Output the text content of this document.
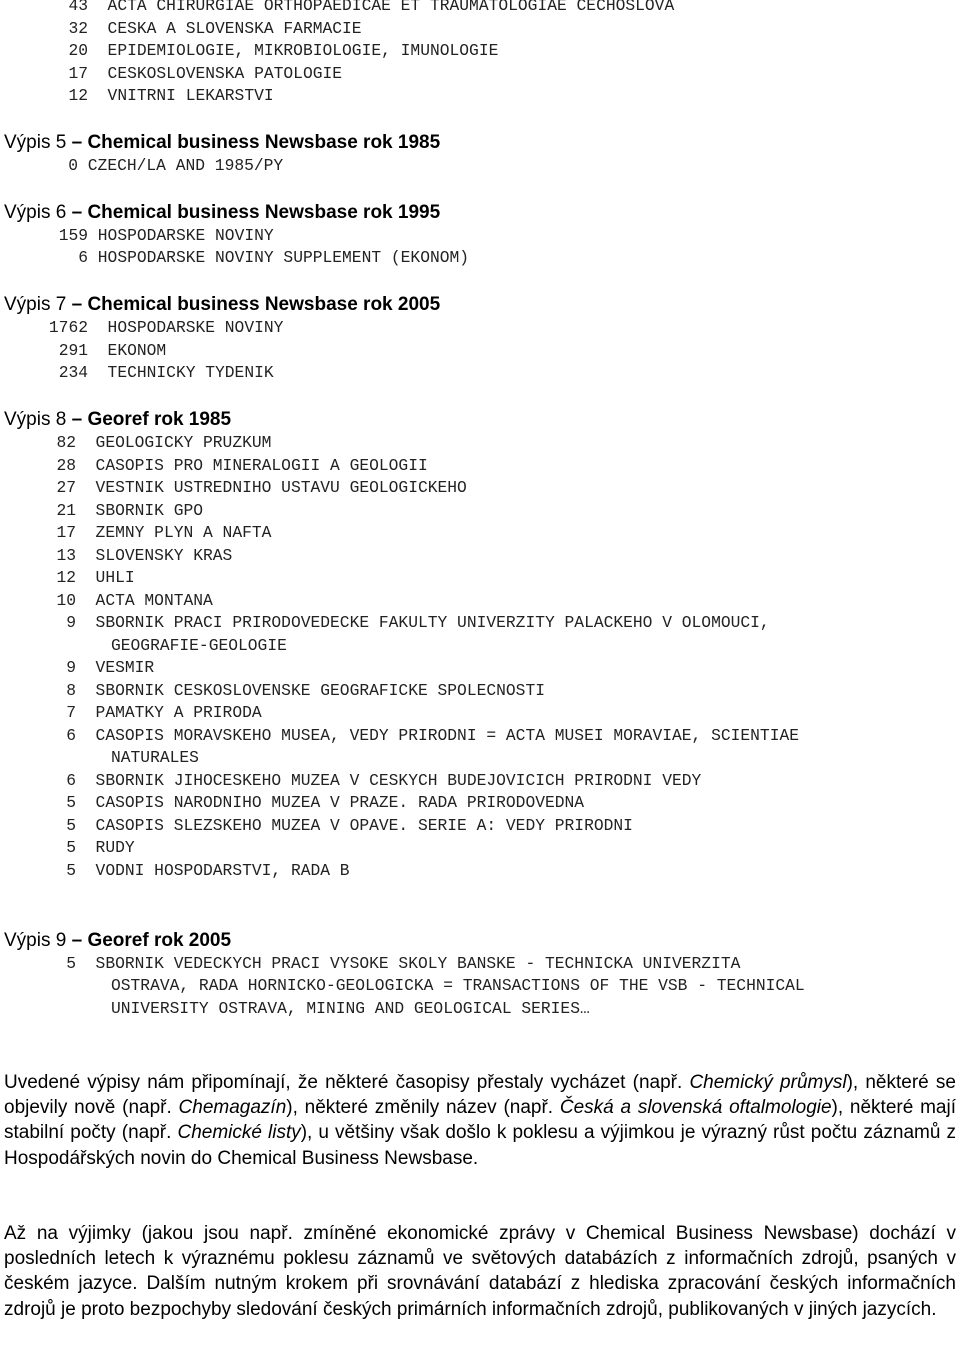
43 ACTA CHIRURGIAE ORTHOPAEDICAE ET TRAUMATOLOGIAE CECHOSLOVA
32 CESKA A SLOVENSKA FARMACIE
20 EPIDEMIOLOGIE, MIKROBIOLOGIE, IMUNOLOGIE
17 CESKOSLOVENSKA PATOLOGIE
12 VNITRNI LEKARSTVI
Výpis 5 – Chemical business Newsbase rok 1985
0 CZECH/LA AND 1985/PY
Výpis 6 – Chemical business Newsbase rok 1995
159 HOSPODARSKE NOVINY
6 HOSPODARSKE NOVINY SUPPLEMENT (EKONOM)
Výpis 7 – Chemical business Newsbase rok 2005
1762 HOSPODARSKE NOVINY
291 EKONOM
234 TECHNICKY TYDENIK
Výpis 8 – Georef rok 1985
82 GEOLOGICKY PRUZKUM
28 CASOPIS PRO MINERALOGII A GEOLOGII
27 VESTNIK USTREDNIHO USTAVU GEOLOGICKEHO
21 SBORNIK GPO
17 ZEMNY PLYN A NAFTA
13 SLOVENSKY KRAS
12 UHLI
10 ACTA MONTANA
9 SBORNIK PRACI PRIRODOVEDECKE FAKULTY UNIVERZITY PALACKEHO V OLOMOUCI,
GEOGRAFIE-GEOLOGIE
9 VESMIR
8 SBORNIK CESKOSLOVENSKE GEOGRAFICKE SPOLECNOSTI
7 PAMATKY A PRIRODA
6 CASOPIS MORAVSKEHO MUSEA, VEDY PRIRODNI = ACTA MUSEI MORAVIAE, SCIENTIAE
NATURALES
6 SBORNIK JIHOCESKEHO MUZEA V CESKYCH BUDEJOVICICH PRIRODNI VEDY
5 CASOPIS NARODNIHO MUZEA V PRAZE. RADA PRIRODOVEDNA
5 CASOPIS SLEZSKEHO MUZEA V OPAVE. SERIE A: VEDY PRIRODNI
5 RUDY
5 VODNI HOSPODARSTVI, RADA B
Výpis 9 – Georef rok 2005
5 SBORNIK VEDECKYCH PRACI VYSOKE SKOLY BANSKE - TECHNICKA UNIVERZITA
OSTRAVA, RADA HORNICKO-GEOLOGICKA = TRANSACTIONS OF THE VSB - TECHNICAL
UNIVERSITY OSTRAVA, MINING AND GEOLOGICAL SERIES…
Uvedené výpisy nám připomínají, že některé časopisy přestaly vycházet (např. Chemický průmysl), některé se objevily nově (např. Chemagazín), některé změnily název (např. Česká a slovenská oftalmologie), některé mají stabilní počty (např. Chemické listy), u většiny však došlo k poklesu a výjimkou je výrazný růst počtu záznamů z Hospodářských novin do Chemical Business Newsbase.
Až na výjimky (jakou jsou např. zmíněné ekonomické zprávy v Chemical Business Newsbase) dochází v posledních letech k výraznému poklesu záznamů ve světových databázích z informačních zdrojů, psaných v českém jazyce. Dalším nutným krokem při srovnávání databází z hlediska zpracování českých informačních zdrojů je proto bezpochyby sledování českých primárních informačních zdrojů, publikovaných v jiných jazycích.
